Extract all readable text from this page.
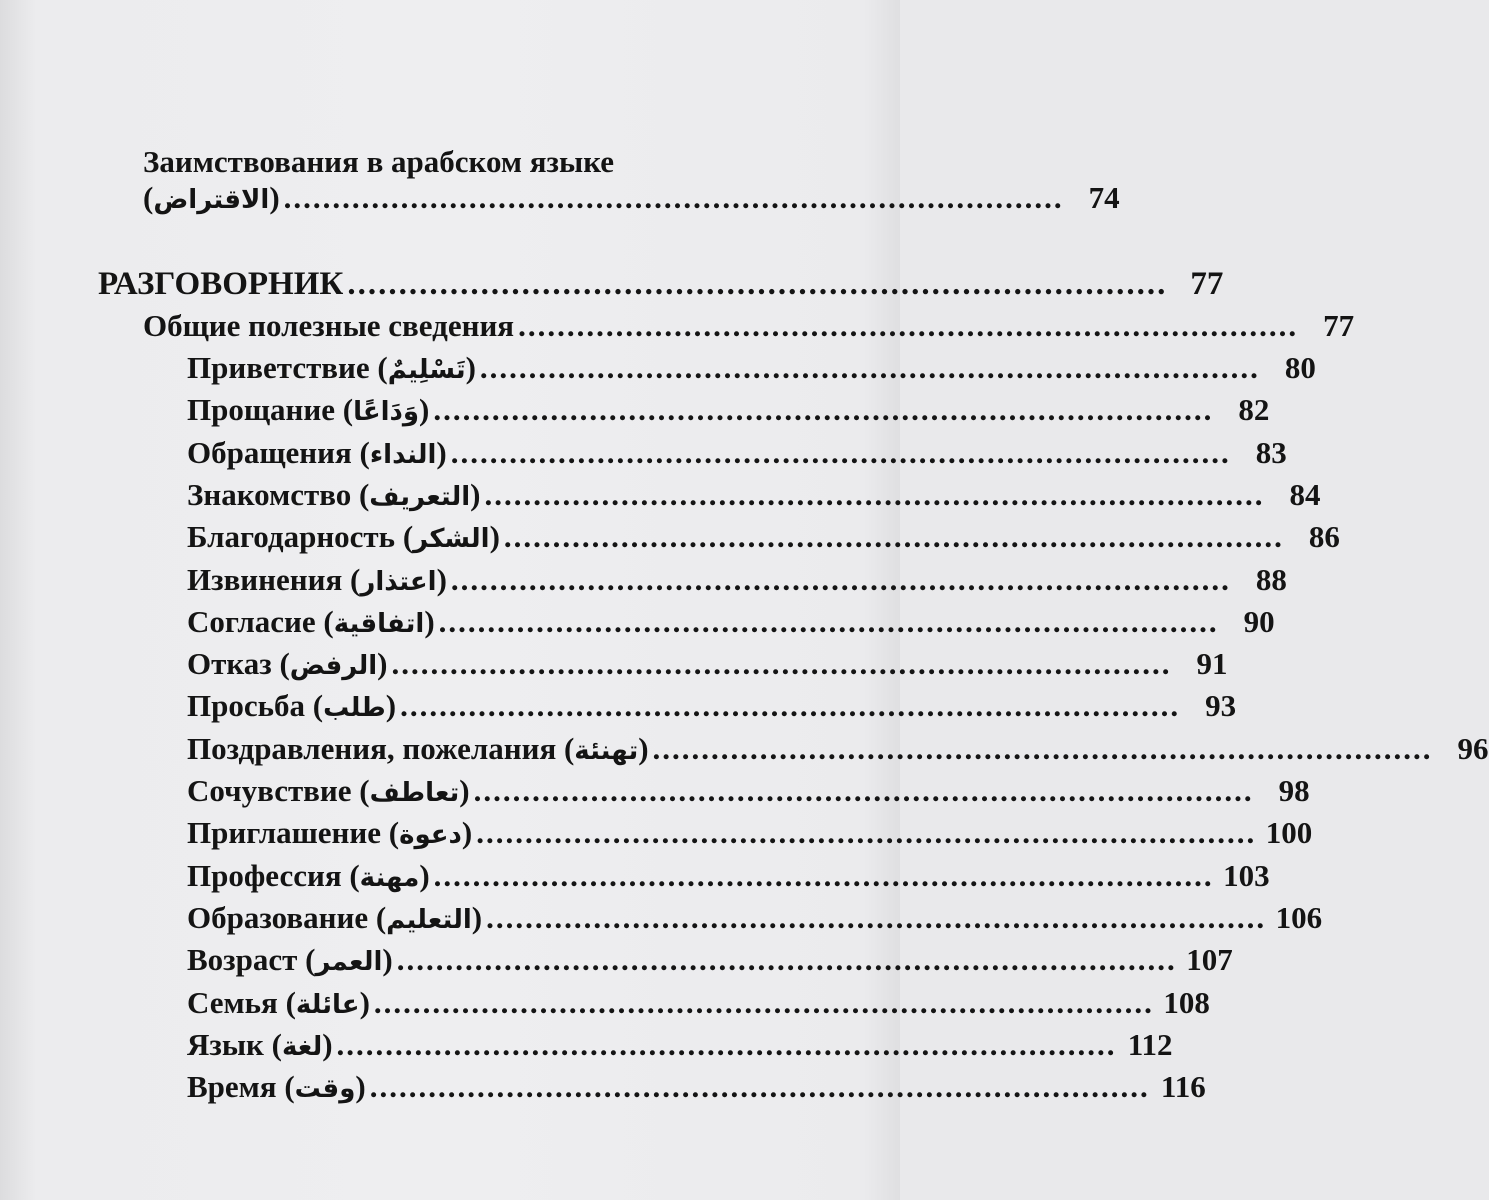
Заимствования в арабском языке
( الاقتراض ) ................................................................................ 74
РАЗГОВОРНИК ................................................................................ 77
Общие полезные сведения ................................................................................ 77
Приветствие ( تَسْلِيمٌ ) ................................................................................ 80
Прощание ( وَدَاعًا ) ................................................................................ 82
Обращения ( النداء ) ................................................................................ 83
Знакомство ( التعريف ) ................................................................................ 84
Благодарность ( الشكر ) ................................................................................ 86
Извинения ( اعتذار ) ................................................................................ 88
Согласие ( اتفاقية ) ................................................................................ 90
Отказ ( الرفض ) ................................................................................ 91
Просьба ( طلب ) ................................................................................ 93
Поздравления, пожелания ( تهنئة ) ................................................................................ 96
Сочувствие ( تعاطف ) ................................................................................ 98
Приглашение ( دعوة ) ................................................................................ 100
Профессия ( مهنة ) ................................................................................ 103
Образование ( التعليم ) ................................................................................ 106
Возраст ( العمر ) ................................................................................ 107
Семья ( عائلة ) ................................................................................ 108
Язык ( لغة ) ................................................................................ 112
Время ( وقت ) ................................................................................ 116
